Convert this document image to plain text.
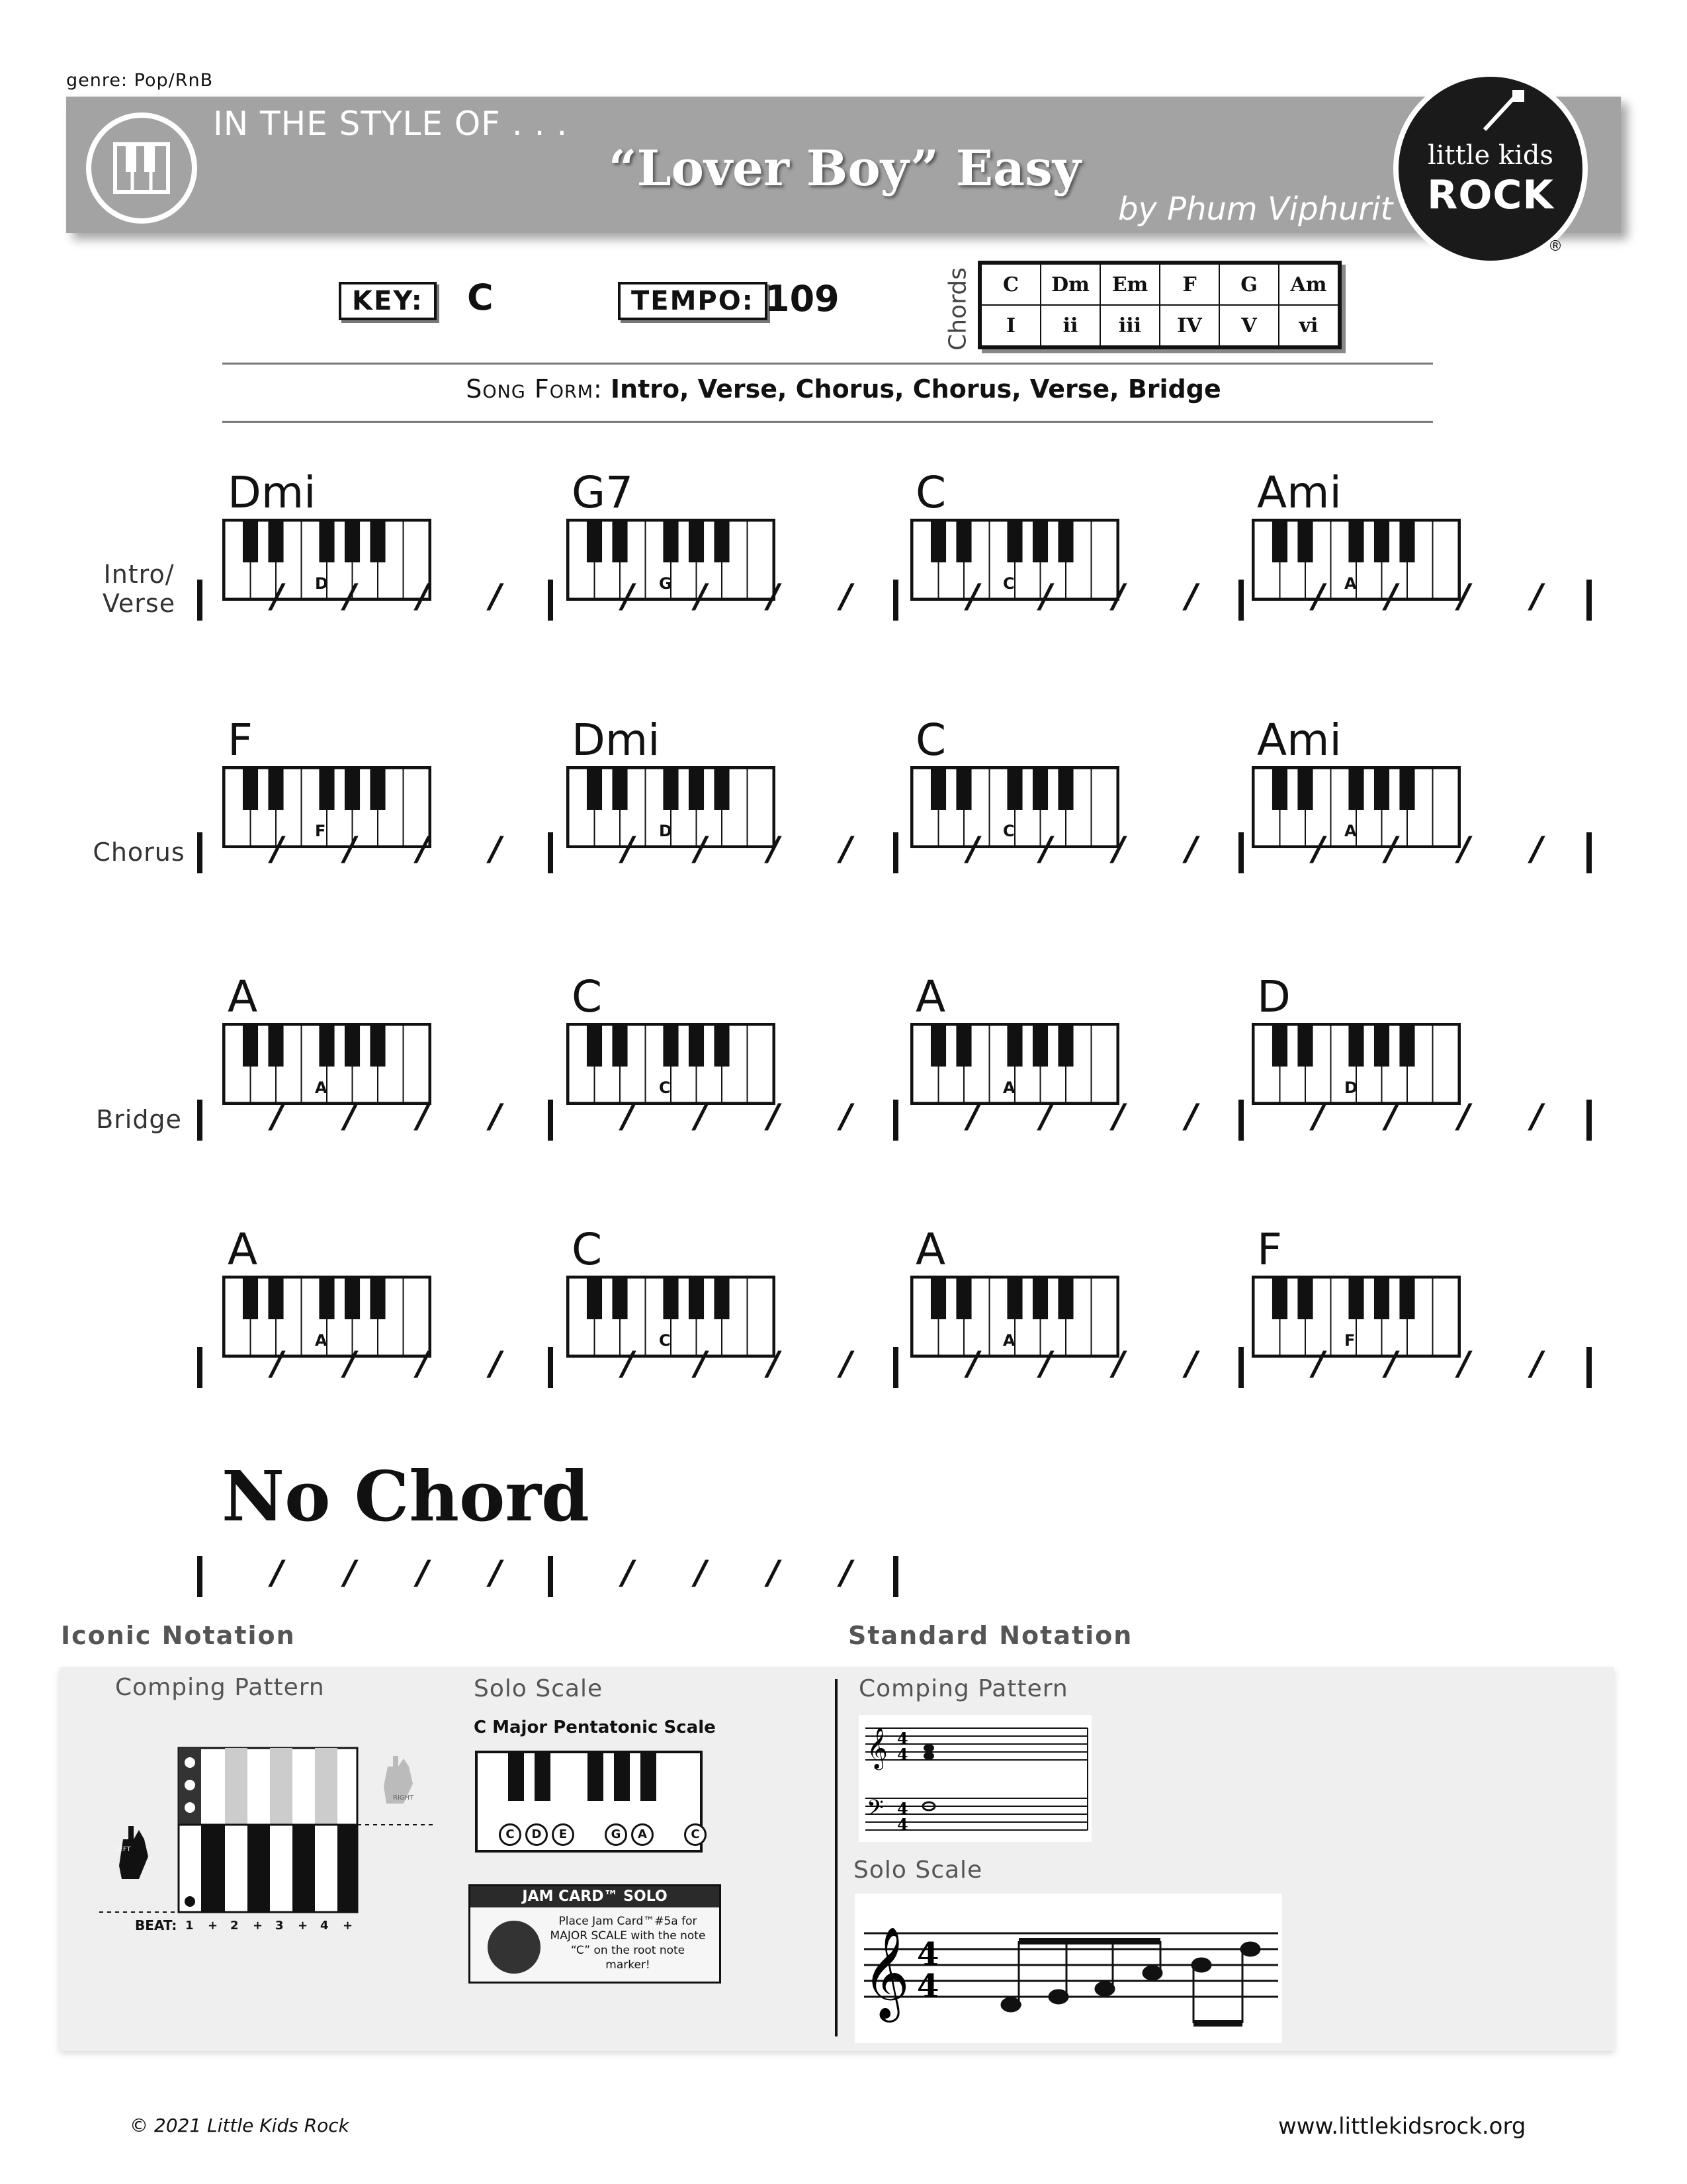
genre: Pop/RnB
IN THE STYLE OF . . .
“Lover Boy” Easy
by Phum Viphurit
little kids
ROCK
®
KEY:	C	TEMPO: 109	Chords C	Dm	Em	F	G	Am
I	ii	iii	IV	V	vi
Song Form: Intro, Verse, Chorus, Chorus, Verse, Bridge
Intro/
Verse
Dmi
D
G7
G
C
C
Ami
A
/ / / /	/ / / /	/ / / /	/ / / /
Chorus
F
F
Dmi
D
C
C
Ami
A
/ / / /	/ / / /	/ / / /	/ / / /
Bridge
A
A
C
C
A
A
D
D
/ / / /	/ / / /	/ / / /	/ / / /
A
A
C
C
A
A
F
F
/ / / /	/ / / /	/ / / /	/ / / /
No Chord
/ / / /	/ / / /
Iconic Notation	Standard Notation
Comping Pattern	Solo Scale
C Major Pentatonic Scale
LEFT
RIGHT
BEAT: 1 + 2 + 3 + 4 +
C	D	E	G	A	C
JAM CARD™ SOLO
Place Jam Card™#5a for MAJOR SCALE with the note “C” on the root note marker!
Comping Pattern
𝄞
𝄢
4
4
4
4
Solo Scale
𝄞 4
4
© 2021 Little Kids Rock	www.littlekidsrock.org
